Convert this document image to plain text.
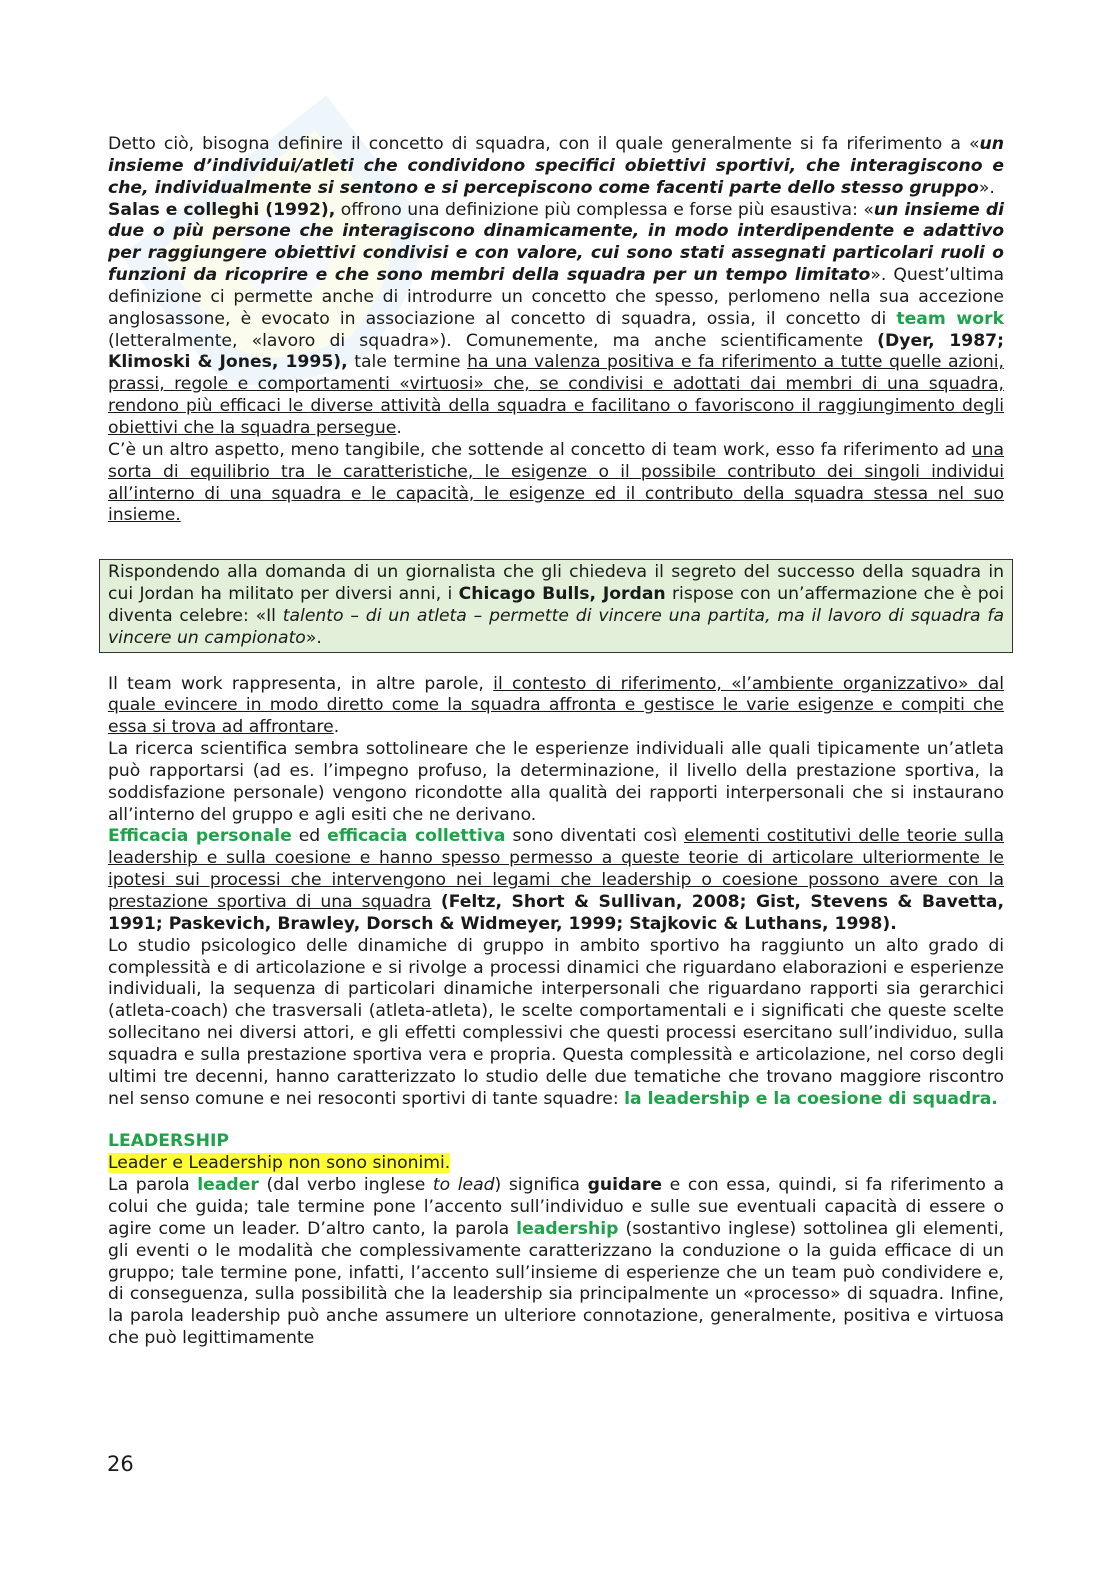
Detto ciò, bisogna definire il concetto di squadra, con il quale generalmente si fa riferimento a «un insieme d’individui/atleti che condividono specifici obiettivi sportivi, che interagiscono e che, individualmente si sentono e si percepiscono come facenti parte dello stesso gruppo».

Salas e colleghi (1992), offrono una definizione più complessa e forse più esaustiva: «un insieme di due o più persone che interagiscono dinamicamente, in modo interdipendente e adattivo per raggiungere obiettivi condivisi e con valore, cui sono stati assegnati particolari ruoli o funzioni da ricoprire e che sono membri della squadra per un tempo limitato». Quest’ultima definizione ci permette anche di introdurre un concetto che spesso, perlomeno nella sua accezione anglosassone, è evocato in associazione al concetto di squadra, ossia, il concetto di team work (letteralmente, «lavoro di squadra»). Comunemente, ma anche scientificamente (Dyer, 1987; Klimoski & Jones, 1995), tale termine ha una valenza positiva e fa riferimento a tutte quelle azioni, prassi, regole e comportamenti «virtuosi» che, se condivisi e adottati dai membri di una squadra, rendono più efficaci le diverse attività della squadra e facilitano o favoriscono il raggiungimento degli obiettivi che la squadra persegue.

C’è un altro aspetto, meno tangibile, che sottende al concetto di team work, esso fa riferimento ad una sorta di equilibrio tra le caratteristiche, le esigenze o il possibile contributo dei singoli individui all’interno di una squadra e le capacità, le esigenze ed il contributo della squadra stessa nel suo insieme.

Rispondendo alla domanda di un giornalista che gli chiedeva il segreto del successo della squadra in cui Jordan ha militato per diversi anni, i Chicago Bulls, Jordan rispose con un’affermazione che è poi diventa celebre: «Il talento – di un atleta – permette di vincere una partita, ma il lavoro di squadra fa vincere un campionato».

Il team work rappresenta, in altre parole, il contesto di riferimento, «l’ambiente organizzativo» dal quale evincere in modo diretto come la squadra affronta e gestisce le varie esigenze e compiti che essa si trova ad affrontare.

La ricerca scientifica sembra sottolineare che le esperienze individuali alle quali tipicamente un’atleta può rapportarsi (ad es. l’impegno profuso, la determinazione, il livello della prestazione sportiva, la soddisfazione personale) vengono ricondotte alla qualità dei rapporti interpersonali che si instaurano all’interno del gruppo e agli esiti che ne derivano.

Efficacia personale ed efficacia collettiva sono diventati così elementi costitutivi delle teorie sulla leadership e sulla coesione e hanno spesso permesso a queste teorie di articolare ulteriormente le ipotesi sui processi che intervengono nei legami che leadership o coesione possono avere con la prestazione sportiva di una squadra (Feltz, Short & Sullivan, 2008; Gist, Stevens & Bavetta, 1991; Paskevich, Brawley, Dorsch & Widmeyer, 1999; Stajkovic & Luthans, 1998).

Lo studio psicologico delle dinamiche di gruppo in ambito sportivo ha raggiunto un alto grado di complessità e di articolazione e si rivolge a processi dinamici che riguardano elaborazioni e esperienze individuali, la sequenza di particolari dinamiche interpersonali che riguardano rapporti sia gerarchici (atleta-coach) che trasversali (atleta-atleta), le scelte comportamentali e i significati che queste scelte sollecitano nei diversi attori, e gli effetti complessivi che questi processi esercitano sull’individuo, sulla squadra e sulla prestazione sportiva vera e propria. Questa complessità e articolazione, nel corso degli ultimi tre decenni, hanno caratterizzato lo studio delle due tematiche che trovano maggiore riscontro nel senso comune e nei resoconti sportivi di tante squadre: la leadership e la coesione di squadra.

LEADERSHIP

Leader e Leadership non sono sinonimi.

La parola leader (dal verbo inglese to lead) significa guidare e con essa, quindi, si fa riferimento a colui che guida; tale termine pone l’accento sull’individuo e sulle sue eventuali capacità di essere o agire come un leader. D’altro canto, la parola leadership (sostantivo inglese) sottolinea gli elementi, gli eventi o le modalità che complessivamente caratterizzano la conduzione o la guida efficace di un gruppo; tale termine pone, infatti, l’accento sull’insieme di esperienze che un team può condividere e, di conseguenza, sulla possibilità che la leadership sia principalmente un «processo» di squadra. Infine, la parola leadership può anche assumere un ulteriore connotazione, generalmente, positiva e virtuosa che può legittimamente

26
